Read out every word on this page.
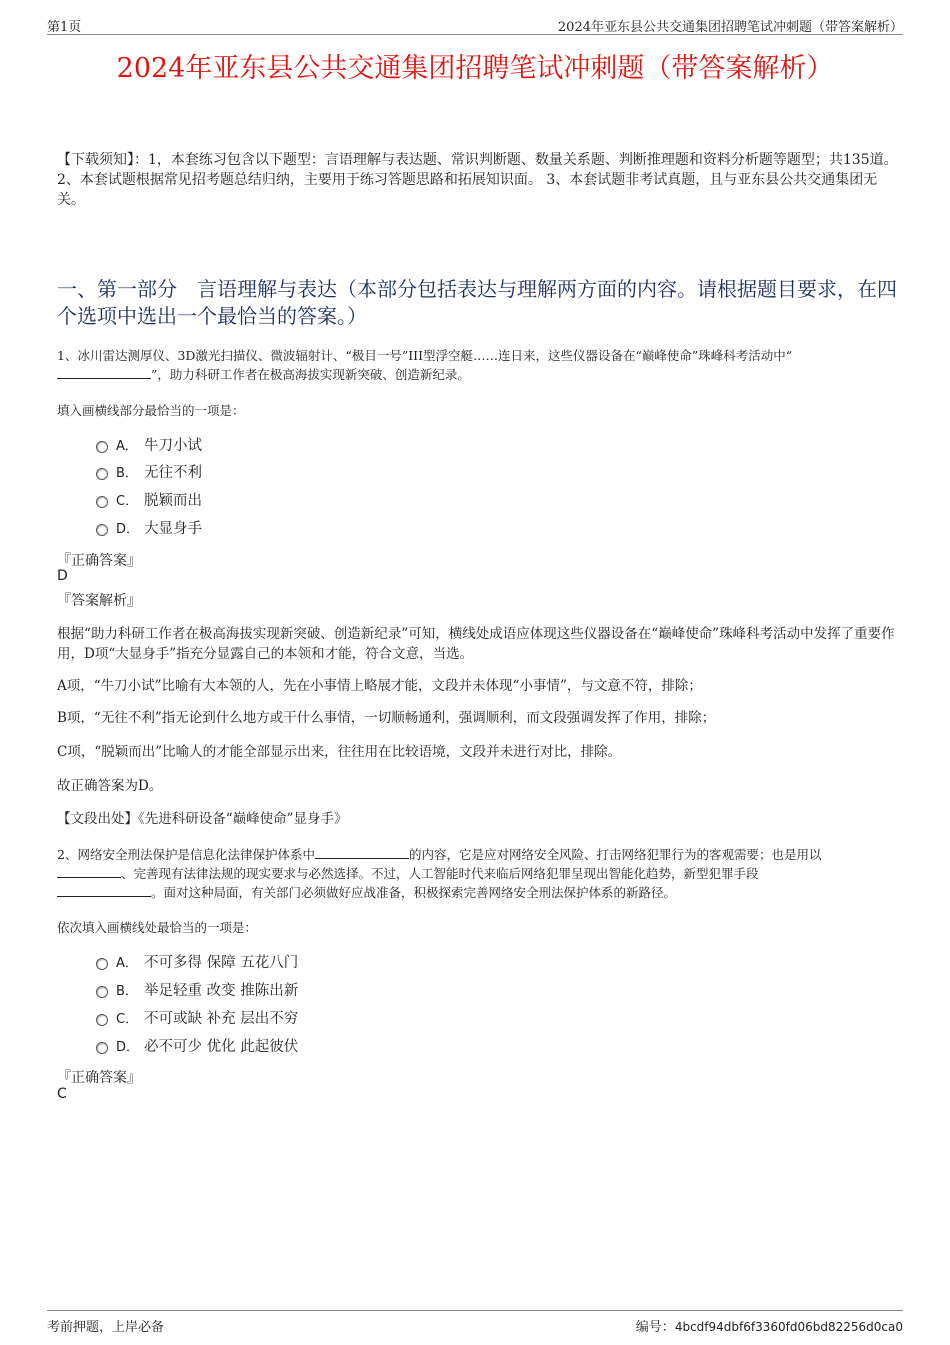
第1页	2024年亚东县公共交通集团招聘笔试冲刺题（带答案解析）
2024年亚东县公共交通集团招聘笔试冲刺题（带答案解析）
【下载须知】：1，本套练习包含以下题型：言语理解与表达题、常识判断题、数量关系题、判断推理题和资料分析题等题型；共135道。 2、本套试题根据常见招考题总结归纳，主要用于练习答题思路和拓展知识面。 3、本套试题非考试真题，且与亚东县公共交通集团无关。
一、第一部分　言语理解与表达（本部分包括表达与理解两方面的内容。请根据题目要求，在四个选项中选出一个最恰当的答案。）
1、冰川雷达测厚仪、3D激光扫描仪、微波辐射计、“极目一号”III型浮空艇……连日来，这些仪器设备在“巅峰使命”珠峰科考活动中“
”，助力科研工作者在极高海拔实现新突破、创造新纪录。
填入画横线部分最恰当的一项是：
A． 牛刀小试
B． 无往不利
C． 脱颖而出
D． 大显身手
『正确答案』
D
『答案解析』
根据“助力科研工作者在极高海拔实现新突破、创造新纪录”可知，横线处成语应体现这些仪器设备在“巅峰使命”珠峰科考活动中发挥了重要作用，D项“大显身手”指充分显露自己的本领和才能，符合文意，当选。
A项，“牛刀小试”比喻有大本领的人，先在小事情上略展才能，文段并未体现“小事情”，与文意不符，排除；
B项，“无往不利”指无论到什么地方或干什么事情，一切顺畅通利，强调顺利，而文段强调发挥了作用，排除；
C项，“脱颖而出”比喻人的才能全部显示出来，往往用在比较语境，文段并未进行对比，排除。
故正确答案为D。
【文段出处】《先进科研设备“巅峰使命”显身手》
2、网络安全刑法保护是信息化法律保护体系中	的内容，它是应对网络安全风险、打击网络犯罪行为的客观需要；也是用以
、完善现有法律法规的现实要求与必然选择。不过，人工智能时代来临后网络犯罪呈现出智能化趋势，新型犯罪手段
。面对这种局面，有关部门必须做好应战准备，积极探索完善网络安全刑法保护体系的新路径。
依次填入画横线处最恰当的一项是：
A． 不可多得 保障 五花八门
B． 举足轻重 改变 推陈出新
C． 不可或缺 补充 层出不穷
D． 必不可少 优化 此起彼伏
『正确答案』
C
考前押题，上岸必备	编号：4bcdf94dbf6f3360fd06bd82256d0ca0
